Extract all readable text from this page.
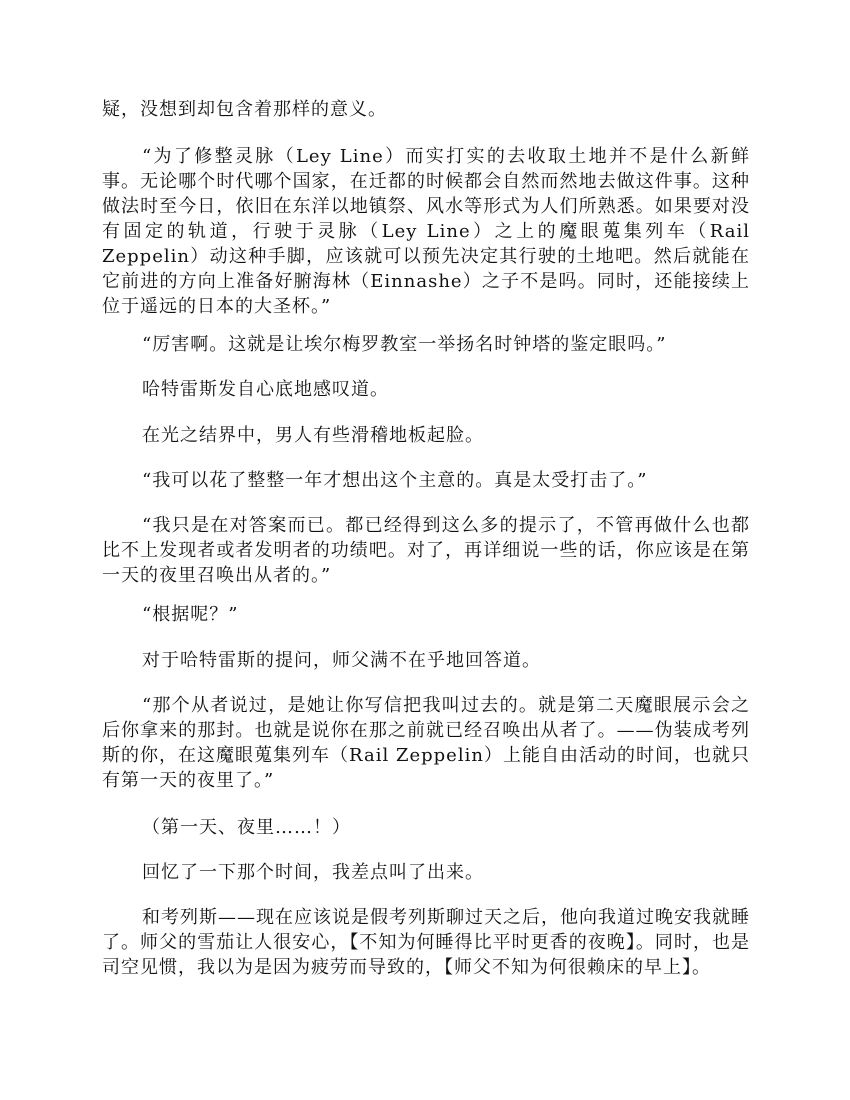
疑，没想到却包含着那样的意义。

“为了修整灵脉（Ley Line）而实打实的去收取土地并不是什么新鲜事。无论哪个时代哪个国家，在迁都的时候都会自然而然地去做这件事。这种做法时至今日，依旧在东洋以地镇祭、风水等形式为人们所熟悉。如果要对没有固定的轨道，行驶于灵脉（Ley Line）之上的魔眼蒐集列车（Rail Zeppelin）动这种手脚，应该就可以预先决定其行驶的土地吧。然后就能在它前进的方向上准备好腑海林（Einnashe）之子不是吗。同时，还能接续上位于遥远的日本的大圣杯。”

“厉害啊。这就是让埃尔梅罗教室一举扬名时钟塔的鉴定眼吗。”

哈特雷斯发自心底地感叹道。

在光之结界中，男人有些滑稽地板起脸。

“我可以花了整整一年才想出这个主意的。真是太受打击了。”

“我只是在对答案而已。都已经得到这么多的提示了，不管再做什么也都比不上发现者或者发明者的功绩吧。对了，再详细说一些的话，你应该是在第一天的夜里召唤出从者的。”

“根据呢？”

对于哈特雷斯的提问，师父满不在乎地回答道。

“那个从者说过，是她让你写信把我叫过去的。就是第二天魔眼展示会之后你拿来的那封。也就是说你在那之前就已经召唤出从者了。——伪装成考列斯的你，在这魔眼蒐集列车（Rail Zeppelin）上能自由活动的时间，也就只有第一天的夜里了。”

（第一天、夜里……！）

回忆了一下那个时间，我差点叫了出来。

和考列斯——现在应该说是假考列斯聊过天之后，他向我道过晚安我就睡了。师父的雪茄让人很安心，【不知为何睡得比平时更香的夜晚】。同时，也是司空见惯，我以为是因为疲劳而导致的，【师父不知为何很赖床的早上】。
